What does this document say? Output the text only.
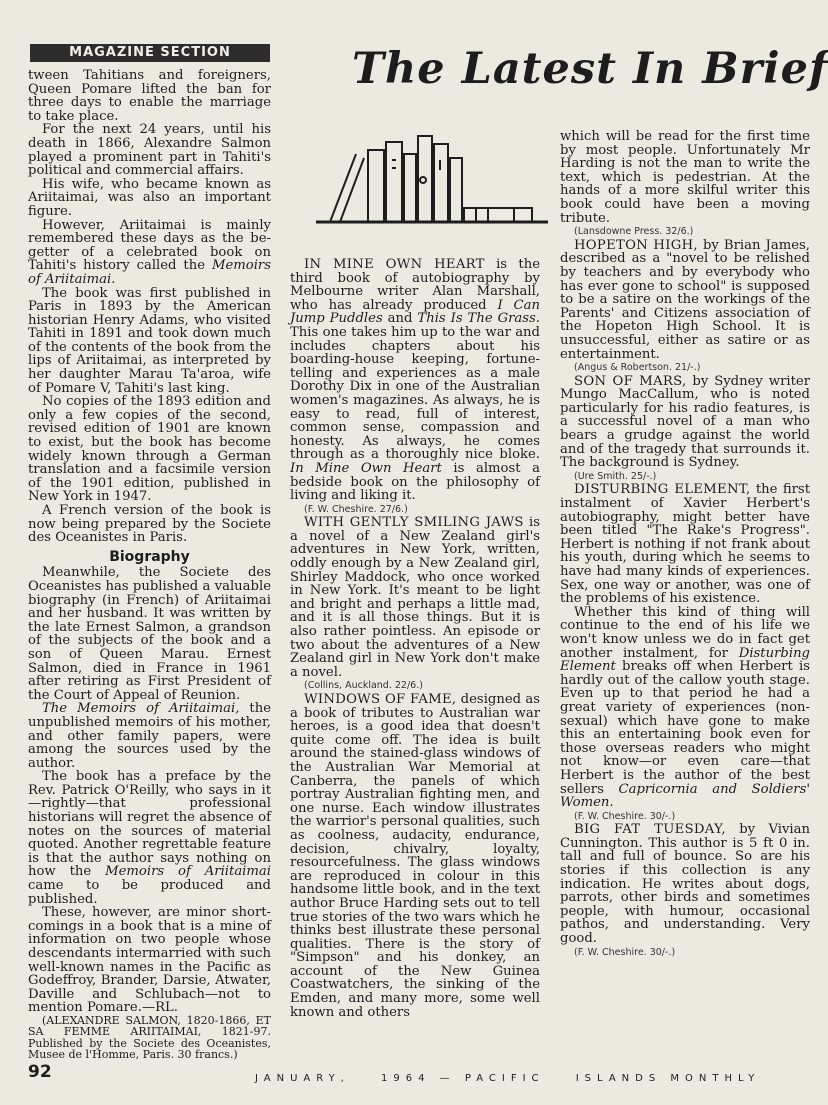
MAGAZINE SECTION	The Latest In Brief

tween Tahitians and foreigners, Queen Pomare lifted the ban for three days to enable the marriage to take place.

For the next 24 years, until his death in 1866, Alexandre Salmon played a prominent part in Tahiti's political and commercial affairs.

His wife, who became known as Ariitaimai, was also an important figure.

However, Ariitaimai is mainly remembered these days as the be-getter of a celebrated book on Tahiti's history called the Memoirs of Ariitaimai.

The book was first published in Paris in 1893 by the American historian Henry Adams, who visited Tahiti in 1891 and took down much of the contents of the book from the lips of Ariitaimai, as interpreted by her daughter Marau Ta'aroa, wife of Pomare V, Tahiti's last king.

No copies of the 1893 edition and only a few copies of the second, revised edition of 1901 are known to exist, but the book has become widely known through a German translation and a facsimile version of the 1901 edition, published in New York in 1947.

A French version of the book is now being prepared by the Societe des Oceanistes in Paris.

Biography

Meanwhile, the Societe des Oceanistes has published a valuable biography (in French) of Ariitaimai and her husband. It was written by the late Ernest Salmon, a grandson of the subjects of the book and a son of Queen Marau. Ernest Salmon, died in France in 1961 after retiring as First President of the Court of Appeal of Reunion.

The Memoirs of Ariitaimai, the unpublished memoirs of his mother, and other family papers, were among the sources used by the author.

The book has a preface by the Rev. Patrick O'Reilly, who says in it—rightly—that professional historians will regret the absence of notes on the sources of material quoted. Another regrettable feature is that the author says nothing on how the Memoirs of Ariitaimai came to be produced and published.

These, however, are minor short-comings in a book that is a mine of information on two people whose descendants intermarried with such well-known names in the Pacific as Godeffroy, Brander, Darsie, Atwater, Daville and Schlubach—not to mention Pomare.—RL.

(ALEXANDRE SALMON, 1820-1866, ET SA FEMME ARIITAIMAI, 1821-97. Published by the Societe des Oceanistes, Musee de l'Homme, Paris. 30 francs.)

IN MINE OWN HEART is the third book of autobiography by Melbourne writer Alan Marshall, who has already produced I Can Jump Puddles and This Is The Grass. This one takes him up to the war and includes chapters about his boarding-house keeping, fortune-telling and experiences as a male Dorothy Dix in one of the Australian women's magazines. As always, he is easy to read, full of interest, common sense, compassion and honesty. As always, he comes through as a thoroughly nice bloke. In Mine Own Heart is almost a bedside book on the philosophy of living and liking it.

(F. W. Cheshire. 27/6.)

WITH GENTLY SMILING JAWS is a novel of a New Zealand girl's adventures in New York, written, oddly enough by a New Zealand girl, Shirley Maddock, who once worked in New York. It's meant to be light and bright and perhaps a little mad, and it is all those things. But it is also rather pointless. An episode or two about the adventures of a New Zealand girl in New York don't make a novel.

(Collins, Auckland. 22/6.)

WINDOWS OF FAME, designed as a book of tributes to Australian war heroes, is a good idea that doesn't quite come off. The idea is built around the stained-glass windows of the Australian War Memorial at Canberra, the panels of which portray Australian fighting men, and one nurse. Each window illustrates the warrior's personal qualities, such as coolness, audacity, endurance, decision, chivalry, loyalty, resourcefulness. The glass windows are reproduced in colour in this handsome little book, and in the text author Bruce Harding sets out to tell true stories of the two wars which he thinks best illustrate these personal qualities. There is the story of "Simpson" and his donkey, an account of the New Guinea Coastwatchers, the sinking of the Emden, and many more, some well known and others

which will be read for the first time by most people. Unfortunately Mr Harding is not the man to write the text, which is pedestrian. At the hands of a more skilful writer this book could have been a moving tribute.

(Lansdowne Press. 32/6.)

HOPETON HIGH, by Brian James, described as a "novel to be relished by teachers and by everybody who has ever gone to school" is supposed to be a satire on the workings of the Parents' and Citizens association of the Hopeton High School. It is unsuccessful, either as satire or as entertainment.

(Angus & Robertson. 21/-.)

SON OF MARS, by Sydney writer Mungo MacCallum, who is noted particularly for his radio features, is a successful novel of a man who bears a grudge against the world and of the tragedy that surrounds it. The background is Sydney.

(Ure Smith. 25/-.)

DISTURBING ELEMENT, the first instalment of Xavier Herbert's autobiography, might better have been titled "The Rake's Progress". Herbert is nothing if not frank about his youth, during which he seems to have had many kinds of experiences. Sex, one way or another, was one of the problems of his existence.

Whether this kind of thing will continue to the end of his life we won't know unless we do in fact get another instalment, for Disturbing Element breaks off when Herbert is hardly out of the callow youth stage. Even up to that period he had a great variety of experiences (non-sexual) which have gone to make this an entertaining book even for those overseas readers who might not know—or even care—that Herbert is the author of the best sellers Capricornia and Soldiers' Women.

(F. W. Cheshire. 30/-.)

BIG FAT TUESDAY, by Vivian Cunnington. This author is 5 ft 0 in. tall and full of bounce. So are his stories if this collection is any indication. He writes about dogs, parrots, other birds and sometimes people, with humour, occasional pathos, and understanding. Very good.

(F. W. Cheshire. 30/-.)

92	JANUARY,	1964 — PACIFIC	ISLANDS MONTHLY
